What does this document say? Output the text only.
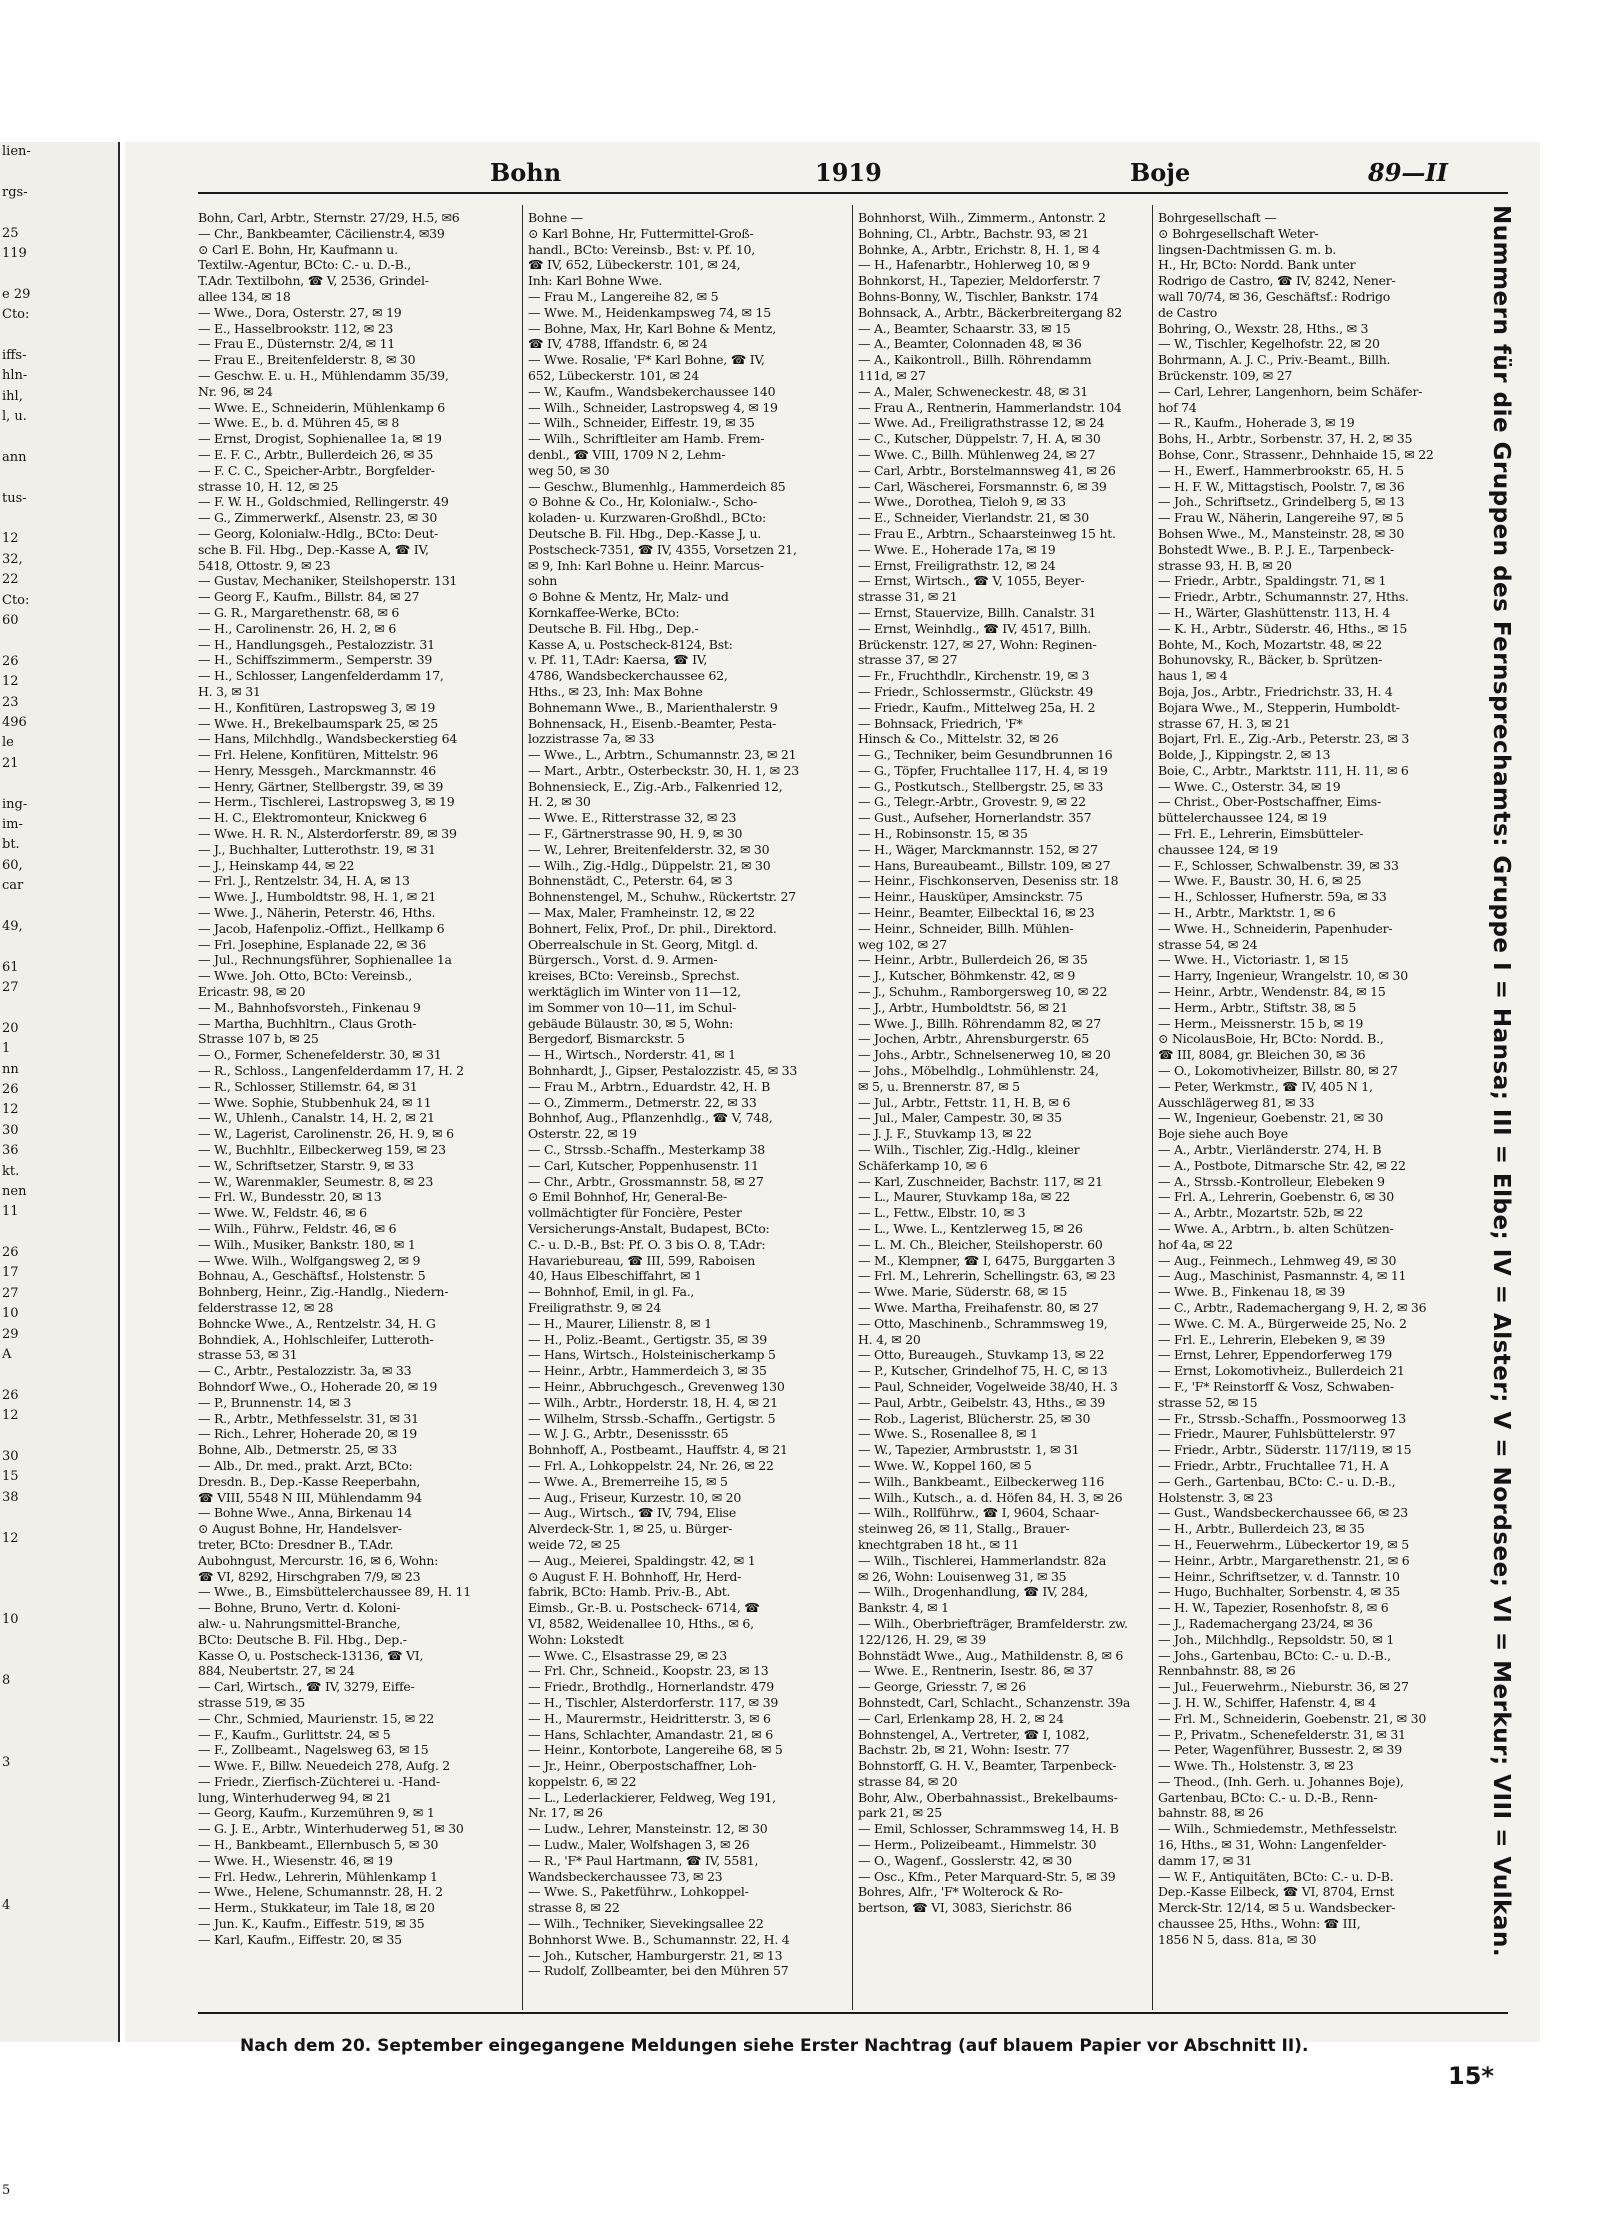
lien-
rgs-
25
119
e 29
Cto:
iffs-
hln-
ihl,
l, u.
ann
tus-
12
32,
22
Cto:
60
26
12
23
496
le
21
ing-
im-
bt.
60,
car
49,
61
27
20
1
nn
26
12
30
36
kt.
nen
11
26
17
27
10
29
A
26
12
30
15
38
12
10
8
3
4
5
Bohn	1919	Boje	89—II
Bohn, Carl, Arbtr., Sternstr. 27/29, H.5, ✉6
— Chr., Bankbeamter, Cäcilienstr.4, ✉39
⊙ Carl E. Bohn, Hr, Kaufmann u.
Textilw.-Agentur, BCto: C.- u. D.-B.,
T.Adr. Textilbohn, ☎ V, 2536, Grindel-
allee 134, ✉ 18
— Wwe., Dora, Osterstr. 27, ✉ 19
— E., Hasselbrookstr. 112, ✉ 23
— Frau E., Düsternstr. 2/4, ✉ 11
— Frau E., Breitenfelderstr. 8, ✉ 30
— Geschw. E. u. H., Mühlendamm 35/39,
Nr. 96, ✉ 24
— Wwe. E., Schneiderin, Mühlenkamp 6
— Wwe. E., b. d. Mühren 45, ✉ 8
— Ernst, Drogist, Sophienallee 1a, ✉ 19
— E. F. C., Arbtr., Bullerdeich 26, ✉ 35
— F. C. C., Speicher-Arbtr., Borgfelder-
strasse 10, H. 12, ✉ 25
— F. W. H., Goldschmied, Rellingerstr. 49
— G., Zimmerwerkf., Alsenstr. 23, ✉ 30
— Georg, Kolonialw.-Hdlg., BCto: Deut-
sche B. Fil. Hbg., Dep.-Kasse A, ☎ IV,
5418, Ottostr. 9, ✉ 23
— Gustav, Mechaniker, Steilshoperstr. 131
— Georg F., Kaufm., Billstr. 84, ✉ 27
— G. R., Margarethenstr. 68, ✉ 6
— H., Carolinenstr. 26, H. 2, ✉ 6
— H., Handlungsgeh., Pestalozzistr. 31
— H., Schiffszimmerm., Semperstr. 39
— H., Schlosser, Langenfelderdamm 17,
H. 3, ✉ 31
— H., Konfitüren, Lastropsweg 3, ✉ 19
— Wwe. H., Brekelbaumspark 25, ✉ 25
— Hans, Milchhdlg., Wandsbeckerstieg 64
— Frl. Helene, Konfitüren, Mittelstr. 96
— Henry, Messgeh., Marckmannstr. 46
— Henry, Gärtner, Stellbergstr. 39, ✉ 39
— Herm., Tischlerei, Lastropsweg 3, ✉ 19
— H. C., Elektromonteur, Knickweg 6
— Wwe. H. R. N., Alsterdorferstr. 89, ✉ 39
— J., Buchhalter, Lutterothstr. 19, ✉ 31
— J., Heinskamp 44, ✉ 22
— Frl. J., Rentzelstr. 34, H. A, ✉ 13
— Wwe. J., Humboldtstr. 98, H. 1, ✉ 21
— Wwe. J., Näherin, Peterstr. 46, Hths.
— Jacob, Hafenpoliz.-Offizt., Hellkamp 6
— Frl. Josephine, Esplanade 22, ✉ 36
— Jul., Rechnungsführer, Sophienallee 1a
— Wwe. Joh. Otto, BCto: Vereinsb.,
Ericastr. 98, ✉ 20
— M., Bahnhofsvorsteh., Finkenau 9
— Martha, Buchhltrn., Claus Groth-
Strasse 107 b, ✉ 25
— O., Former, Schenefelderstr. 30, ✉ 31
— R., Schloss., Langenfelderdamm 17, H. 2
— R., Schlosser, Stillemstr. 64, ✉ 31
— Wwe. Sophie, Stubbenhuk 24, ✉ 11
— W., Uhlenh., Canalstr. 14, H. 2, ✉ 21
— W., Lagerist, Carolinenstr. 26, H. 9, ✉ 6
— W., Buchhltr., Eilbeckerweg 159, ✉ 23
— W., Schriftsetzer, Starstr. 9, ✉ 33
— W., Warenmakler, Seumestr. 8, ✉ 23
— Frl. W., Bundesstr. 20, ✉ 13
— Wwe. W., Feldstr. 46, ✉ 6
— Wilh., Führw., Feldstr. 46, ✉ 6
— Wilh., Musiker, Bankstr. 180, ✉ 1
— Wwe. Wilh., Wolfgangsweg 2, ✉ 9
Bohnau, A., Geschäftsf., Holstenstr. 5
Bohnberg, Heinr., Zig.-Handlg., Niedern-
felderstrasse 12, ✉ 28
Bohncke Wwe., A., Rentzelstr. 34, H. G
Bohndiek, A., Hohlschleifer, Lutteroth-
strasse 53, ✉ 31
— C., Arbtr., Pestalozzistr. 3a, ✉ 33
Bohndorf Wwe., O., Hoherade 20, ✉ 19
— P., Brunnenstr. 14, ✉ 3
— R., Arbtr., Methfesselstr. 31, ✉ 31
— Rich., Lehrer, Hoherade 20, ✉ 19
Bohne, Alb., Detmerstr. 25, ✉ 33
— Alb., Dr. med., prakt. Arzt, BCto:
Dresdn. B., Dep.-Kasse Reeperbahn,
☎ VIII, 5548 N III, Mühlendamm 94
— Bohne Wwe., Anna, Birkenau 14
⊙ August Bohne, Hr, Handelsver-
treter, BCto: Dresdner B., T.Adr.
Aubohngust, Mercurstr. 16, ✉ 6, Wohn:
☎ VI, 8292, Hirschgraben 7/9, ✉ 23
— Wwe., B., Eimsbüttelerchaussee 89, H. 11
— Bohne, Bruno, Vertr. d. Koloni-
alw.- u. Nahrungsmittel-Branche,
BCto: Deutsche B. Fil. Hbg., Dep.-
Kasse O, u. Postscheck-13136, ☎ VI,
884, Neubertstr. 27, ✉ 24
— Carl, Wirtsch., ☎ IV, 3279, Eiffe-
strasse 519, ✉ 35
— Chr., Schmied, Maurienstr. 15, ✉ 22
— F., Kaufm., Gurlittstr. 24, ✉ 5
— F., Zollbeamt., Nagelsweg 63, ✉ 15
— Wwe. F., Billw. Neuedeich 278, Aufg. 2
— Friedr., Zierfisch-Züchterei u. -Hand-
lung, Winterhuderweg 94, ✉ 21
— Georg, Kaufm., Kurzemühren 9, ✉ 1
— G. J. E., Arbtr., Winterhuderweg 51, ✉ 30
— H., Bankbeamt., Ellernbusch 5, ✉ 30
— Wwe. H., Wiesenstr. 46, ✉ 19
— Frl. Hedw., Lehrerin, Mühlenkamp 1
— Wwe., Helene, Schumannstr. 28, H. 2
— Herm., Stukkateur, im Tale 18, ✉ 20
— Jun. K., Kaufm., Eiffestr. 519, ✉ 35
— Karl, Kaufm., Eiffestr. 20, ✉ 35
Bohne —
⊙ Karl Bohne, Hr, Futtermittel-Groß-
handl., BCto: Vereinsb., Bst: v. Pf. 10,
☎ IV, 652, Lübeckerstr. 101, ✉ 24,
Inh: Karl Bohne Wwe.
— Frau M., Langereihe 82, ✉ 5
— Wwe. M., Heidenkampsweg 74, ✉ 15
— Bohne, Max, Hr, Karl Bohne & Mentz,
☎ IV, 4788, Iffandstr. 6, ✉ 24
— Wwe. Rosalie, 'F* Karl Bohne, ☎ IV,
652, Lübeckerstr. 101, ✉ 24
— W., Kaufm., Wandsbekerchaussee 140
— Wilh., Schneider, Lastropsweg 4, ✉ 19
— Wilh., Schneider, Eiffestr. 19, ✉ 35
— Wilh., Schriftleiter am Hamb. Frem-
denbl., ☎ VIII, 1709 N 2, Lehm-
weg 50, ✉ 30
— Geschw., Blumenhlg., Hammerdeich 85
⊙ Bohne & Co., Hr, Kolonialw.-, Scho-
koladen- u. Kurzwaren-Großhdl., BCto:
Deutsche B. Fil. Hbg., Dep.-Kasse J, u.
Postscheck-7351, ☎ IV, 4355, Vorsetzen 21,
✉ 9, Inh: Karl Bohne u. Heinr. Marcus-
sohn
⊙ Bohne & Mentz, Hr, Malz- und
Kornkaffee-Werke, BCto:
Deutsche B. Fil. Hbg., Dep.-
Kasse A, u. Postscheck-8124, Bst:
v. Pf. 11, T.Adr: Kaersa, ☎ IV,
4786, Wandsbeckerchaussee 62,
Hths., ✉ 23, Inh: Max Bohne
Bohnemann Wwe., B., Marienthalerstr. 9
Bohnensack, H., Eisenb.-Beamter, Pesta-
lozzistrasse 7a, ✉ 33
— Wwe., L., Arbtrn., Schumannstr. 23, ✉ 21
— Mart., Arbtr., Osterbeckstr. 30, H. 1, ✉ 23
Bohnensieck, E., Zig.-Arb., Falkenried 12,
H. 2, ✉ 30
— Wwe. E., Ritterstrasse 32, ✉ 23
— F., Gärtnerstrasse 90, H. 9, ✉ 30
— W., Lehrer, Breitenfelderstr. 32, ✉ 30
— Wilh., Zig.-Hdlg., Düppelstr. 21, ✉ 30
Bohnenstädt, C., Peterstr. 64, ✉ 3
Bohnenstengel, M., Schuhw., Rückertstr. 27
— Max, Maler, Framheinstr. 12, ✉ 22
Bohnert, Felix, Prof., Dr. phil., Direktord.
Oberrealschule in St. Georg, Mitgl. d.
Bürgersch., Vorst. d. 9. Armen-
kreises, BCto: Vereinsb., Sprechst.
werktäglich im Winter von 11—12,
im Sommer von 10—11, im Schul-
gebäude Bülaustr. 30, ✉ 5, Wohn:
Bergedorf, Bismarckstr. 5
— H., Wirtsch., Norderstr. 41, ✉ 1
Bohnhardt, J., Gipser, Pestalozzistr. 45, ✉ 33
— Frau M., Arbtrn., Eduardstr. 42, H. B
— O., Zimmerm., Detmerstr. 22, ✉ 33
Bohnhof, Aug., Pflanzenhdlg., ☎ V, 748,
Osterstr. 22, ✉ 19
— C., Strssb.-Schaffn., Mesterkamp 38
— Carl, Kutscher, Poppenhusenstr. 11
— Chr., Arbtr., Grossmannstr. 58, ✉ 27
⊙ Emil Bohnhof, Hr, General-Be-
vollmächtigter für Foncière, Pester
Versicherungs-Anstalt, Budapest, BCto:
C.- u. D.-B., Bst: Pf. O. 3 bis O. 8, T.Adr:
Havariebureau, ☎ III, 599, Raboisen
40, Haus Elbeschiffahrt, ✉ 1
— Bohnhof, Emil, in gl. Fa.,
Freiligrathstr. 9, ✉ 24
— H., Maurer, Lilienstr. 8, ✉ 1
— H., Poliz.-Beamt., Gertigstr. 35, ✉ 39
— Hans, Wirtsch., Holsteinischerkamp 5
— Heinr., Arbtr., Hammerdeich 3, ✉ 35
— Heinr., Abbruchgesch., Grevenweg 130
— Wilh., Arbtr., Horderstr. 18, H. 4, ✉ 21
— Wilhelm, Strssb.-Schaffn., Gertigstr. 5
— W. J. G., Arbtr., Desenissstr. 65
Bohnhoff, A., Postbeamt., Hauffstr. 4, ✉ 21
— Frl. A., Lohkoppelstr. 24, Nr. 26, ✉ 22
— Wwe. A., Bremerreihe 15, ✉ 5
— Aug., Friseur, Kurzestr. 10, ✉ 20
— Aug., Wirtsch., ☎ IV, 794, Elise
Alverdeck-Str. 1, ✉ 25, u. Bürger-
weide 72, ✉ 25
— Aug., Meierei, Spaldingstr. 42, ✉ 1
⊙ August F. H. Bohnhoff, Hr, Herd-
fabrik, BCto: Hamb. Priv.-B., Abt.
Eimsb., Gr.-B. u. Postscheck- 6714, ☎
VI, 8582, Weidenallee 10, Hths., ✉ 6,
Wohn: Lokstedt
— Wwe. C., Elsastrasse 29, ✉ 23
— Frl. Chr., Schneid., Koopstr. 23, ✉ 13
— Friedr., Brothdlg., Hornerlandstr. 479
— H., Tischler, Alsterdorferstr. 117, ✉ 39
— H., Maurermstr., Heidritterstr. 3, ✉ 6
— Hans, Schlachter, Amandastr. 21, ✉ 6
— Heinr., Kontorbote, Langereihe 68, ✉ 5
— Jr., Heinr., Oberpostschaffner, Loh-
koppelstr. 6, ✉ 22
— L., Lederlackierer, Feldweg, Weg 191,
Nr. 17, ✉ 26
— Ludw., Lehrer, Mansteinstr. 12, ✉ 30
— Ludw., Maler, Wolfshagen 3, ✉ 26
— R., 'F* Paul Hartmann, ☎ IV, 5581,
Wandsbeckerchaussee 73, ✉ 23
— Wwe. S., Paketführw., Lohkoppel-
strasse 8, ✉ 22
— Wilh., Techniker, Sievekingsallee 22
Bohnhorst Wwe. B., Schumannstr. 22, H. 4
— Joh., Kutscher, Hamburgerstr. 21, ✉ 13
— Rudolf, Zollbeamter, bei den Mühren 57
Bohnhorst, Wilh., Zimmerm., Antonstr. 2
Bohning, Cl., Arbtr., Bachstr. 93, ✉ 21
Bohnke, A., Arbtr., Erichstr. 8, H. 1, ✉ 4
— H., Hafenarbtr., Hohlerweg 10, ✉ 9
Bohnkorst, H., Tapezier, Meldorferstr. 7
Bohns-Bonny, W., Tischler, Bankstr. 174
Bohnsack, A., Arbtr., Bäckerbreitergang 82
— A., Beamter, Schaarstr. 33, ✉ 15
— A., Beamter, Colonnaden 48, ✉ 36
— A., Kaikontroll., Billh. Röhrendamm
111d, ✉ 27
— A., Maler, Schweneckestr. 48, ✉ 31
— Frau A., Rentnerin, Hammerlandstr. 104
— Wwe. Ad., Freiligrathstrasse 12, ✉ 24
— C., Kutscher, Düppelstr. 7, H. A, ✉ 30
— Wwe. C., Billh. Mühlenweg 24, ✉ 27
— Carl, Arbtr., Borstelmannsweg 41, ✉ 26
— Carl, Wäscherei, Forsmannstr. 6, ✉ 39
— Wwe., Dorothea, Tieloh 9, ✉ 33
— E., Schneider, Vierlandstr. 21, ✉ 30
— Frau E., Arbtrn., Schaarsteinweg 15 ht.
— Wwe. E., Hoherade 17a, ✉ 19
— Ernst, Freiligrathstr. 12, ✉ 24
— Ernst, Wirtsch., ☎ V, 1055, Beyer-
strasse 31, ✉ 21
— Ernst, Stauervize, Billh. Canalstr. 31
— Ernst, Weinhdlg., ☎ IV, 4517, Billh.
Brückenstr. 127, ✉ 27, Wohn: Reginen-
strasse 37, ✉ 27
— Fr., Fruchthdlr., Kirchenstr. 19, ✉ 3
— Friedr., Schlossermstr., Glückstr. 49
— Friedr., Kaufm., Mittelweg 25a, H. 2
— Bohnsack, Friedrich, 'F*
Hinsch & Co., Mittelstr. 32, ✉ 26
— G., Techniker, beim Gesundbrunnen 16
— G., Töpfer, Fruchtallee 117, H. 4, ✉ 19
— G., Postkutsch., Stellbergstr. 25, ✉ 33
— G., Telegr.-Arbtr., Grovestr. 9, ✉ 22
— Gust., Aufseher, Hornerlandstr. 357
— H., Robinsonstr. 15, ✉ 35
— H., Wäger, Marckmannstr. 152, ✉ 27
— Hans, Bureaubeamt., Billstr. 109, ✉ 27
— Heinr., Fischkonserven, Deseniss str. 18
— Heinr., Hausküper, Amsinckstr. 75
— Heinr., Beamter, Eilbecktal 16, ✉ 23
— Heinr., Schneider, Billh. Mühlen-
weg 102, ✉ 27
— Heinr., Arbtr., Bullerdeich 26, ✉ 35
— J., Kutscher, Böhmkenstr. 42, ✉ 9
— J., Schuhm., Ramborgersweg 10, ✉ 22
— J., Arbtr., Humboldtstr. 56, ✉ 21
— Wwe. J., Billh. Röhrendamm 82, ✉ 27
— Jochen, Arbtr., Ahrensburgerstr. 65
— Johs., Arbtr., Schnelsenerweg 10, ✉ 20
— Johs., Möbelhdlg., Lohmühlenstr. 24,
✉ 5, u. Brennerstr. 87, ✉ 5
— Jul., Arbtr., Fettstr. 11, H. B, ✉ 6
— Jul., Maler, Campestr. 30, ✉ 35
— J. J. F., Stuvkamp 13, ✉ 22
— Wilh., Tischler, Zig.-Hdlg., kleiner
Schäferkamp 10, ✉ 6
— Karl, Zuschneider, Bachstr. 117, ✉ 21
— L., Maurer, Stuvkamp 18a, ✉ 22
— L., Fettw., Elbstr. 10, ✉ 3
— L., Wwe. L., Kentzlerweg 15, ✉ 26
— L. M. Ch., Bleicher, Steilshoperstr. 60
— M., Klempner, ☎ I, 6475, Burggarten 3
— Frl. M., Lehrerin, Schellingstr. 63, ✉ 23
— Wwe. Marie, Süderstr. 68, ✉ 15
— Wwe. Martha, Freihafenstr. 80, ✉ 27
— Otto, Maschinenb., Schrammsweg 19,
H. 4, ✉ 20
— Otto, Bureaugeh., Stuvkamp 13, ✉ 22
— P., Kutscher, Grindelhof 75, H. C, ✉ 13
— Paul, Schneider, Vogelweide 38/40, H. 3
— Paul, Arbtr., Geibelstr. 43, Hths., ✉ 39
— Rob., Lagerist, Blücherstr. 25, ✉ 30
— Wwe. S., Rosenallee 8, ✉ 1
— W., Tapezier, Armbruststr. 1, ✉ 31
— Wwe. W., Koppel 160, ✉ 5
— Wilh., Bankbeamt., Eilbeckerweg 116
— Wilh., Kutsch., a. d. Höfen 84, H. 3, ✉ 26
— Wilh., Rollführw., ☎ I, 9604, Schaar-
steinweg 26, ✉ 11, Stallg., Brauer-
knechtgraben 18 ht., ✉ 11
— Wilh., Tischlerei, Hammerlandstr. 82a
✉ 26, Wohn: Louisenweg 31, ✉ 35
— Wilh., Drogenhandlung, ☎ IV, 284,
Bankstr. 4, ✉ 1
— Wilh., Oberbriefträger, Bramfelderstr. zw.
122/126, H. 29, ✉ 39
Bohnstädt Wwe., Aug., Mathildenstr. 8, ✉ 6
— Wwe. E., Rentnerin, Isestr. 86, ✉ 37
— George, Griesstr. 7, ✉ 26
Bohnstedt, Carl, Schlacht., Schanzenstr. 39a
— Carl, Erlenkamp 28, H. 2, ✉ 24
Bohnstengel, A., Vertreter, ☎ I, 1082,
Bachstr. 2b, ✉ 21, Wohn: Isestr. 77
Bohnstorff, G. H. V., Beamter, Tarpenbeck-
strasse 84, ✉ 20
Bohr, Alw., Oberbahnassist., Brekelbaums-
park 21, ✉ 25
— Emil, Schlosser, Schrammsweg 14, H. B
— Herm., Polizeibeamt., Himmelstr. 30
— O., Wagenf., Gosslerstr. 42, ✉ 30
— Osc., Kfm., Peter Marquard-Str. 5, ✉ 39
Bohres, Alfr., 'F* Wolterock & Ro-
bertson, ☎ VI, 3083, Sierichstr. 86
Bohrgesellschaft —
⊙ Bohrgesellschaft Weter-
lingsen-Dachtmissen G. m. b.
H., Hr, BCto: Nordd. Bank unter
Rodrigo de Castro, ☎ IV, 8242, Nener-
wall 70/74, ✉ 36, Geschäftsf.: Rodrigo
de Castro
Bohring, O., Wexstr. 28, Hths., ✉ 3
— W., Tischler, Kegelhofstr. 22, ✉ 20
Bohrmann, A. J. C., Priv.-Beamt., Billh.
Brückenstr. 109, ✉ 27
— Carl, Lehrer, Langenhorn, beim Schäfer-
hof 74
— R., Kaufm., Hoherade 3, ✉ 19
Bohs, H., Arbtr., Sorbenstr. 37, H. 2, ✉ 35
Bohse, Conr., Strassenr., Dehnhaide 15, ✉ 22
— H., Ewerf., Hammerbrookstr. 65, H. 5
— H. F. W., Mittagstisch, Poolstr. 7, ✉ 36
— Joh., Schriftsetz., Grindelberg 5, ✉ 13
— Frau W., Näherin, Langereihe 97, ✉ 5
Bohsen Wwe., M., Mansteinstr. 28, ✉ 30
Bohstedt Wwe., B. P. J. E., Tarpenbeck-
strasse 93, H. B, ✉ 20
— Friedr., Arbtr., Spaldingstr. 71, ✉ 1
— Friedr., Arbtr., Schumannstr. 27, Hths.
— H., Wärter, Glashüttenstr. 113, H. 4
— K. H., Arbtr., Süderstr. 46, Hths., ✉ 15
Bohte, M., Koch, Mozartstr. 48, ✉ 22
Bohunovsky, R., Bäcker, b. Sprützen-
haus 1, ✉ 4
Boja, Jos., Arbtr., Friedrichstr. 33, H. 4
Bojara Wwe., M., Stepperin, Humboldt-
strasse 67, H. 3, ✉ 21
Bojart, Frl. E., Zig.-Arb., Peterstr. 23, ✉ 3
Bolde, J., Kippingstr. 2, ✉ 13
Boie, C., Arbtr., Marktstr. 111, H. 11, ✉ 6
— Wwe. C., Osterstr. 34, ✉ 19
— Christ., Ober-Postschaffner, Eims-
büttelerchaussee 124, ✉ 19
— Frl. E., Lehrerin, Eimsbütteler-
chaussee 124, ✉ 19
— F., Schlosser, Schwalbenstr. 39, ✉ 33
— Wwe. F., Baustr. 30, H. 6, ✉ 25
— H., Schlosser, Hufnerstr. 59a, ✉ 33
— H., Arbtr., Marktstr. 1, ✉ 6
— Wwe. H., Schneiderin, Papenhuder-
strasse 54, ✉ 24
— Wwe. H., Victoriastr. 1, ✉ 15
— Harry, Ingenieur, Wrangelstr. 10, ✉ 30
— Heinr., Arbtr., Wendenstr. 84, ✉ 15
— Herm., Arbtr., Stiftstr. 38, ✉ 5
— Herm., Meissnerstr. 15 b, ✉ 19
⊙ NicolausBoie, Hr, BCto: Nordd. B.,
☎ III, 8084, gr. Bleichen 30, ✉ 36
— O., Lokomotivheizer, Billstr. 80, ✉ 27
— Peter, Werkmstr., ☎ IV, 405 N 1,
Ausschlägerweg 81, ✉ 33
— W., Ingenieur, Goebenstr. 21, ✉ 30
Boje siehe auch Boye
— A., Arbtr., Vierländerstr. 274, H. B
— A., Postbote, Ditmarsche Str. 42, ✉ 22
— A., Strssb.-Kontrolleur, Elebeken 9
— Frl. A., Lehrerin, Goebenstr. 6, ✉ 30
— A., Arbtr., Mozartstr. 52b, ✉ 22
— Wwe. A., Arbtrn., b. alten Schützen-
hof 4a, ✉ 22
— Aug., Feinmech., Lehmweg 49, ✉ 30
— Aug., Maschinist, Pasmannstr. 4, ✉ 11
— Wwe. B., Finkenau 18, ✉ 39
— C., Arbtr., Rademachergang 9, H. 2, ✉ 36
— Wwe. C. M. A., Bürgerweide 25, No. 2
— Frl. E., Lehrerin, Elebeken 9, ✉ 39
— Ernst, Lehrer, Eppendorferweg 179
— Ernst, Lokomotivheiz., Bullerdeich 21
— F., 'F* Reinstorff & Vosz, Schwaben-
strasse 52, ✉ 15
— Fr., Strssb.-Schaffn., Possmoorweg 13
— Friedr., Maurer, Fuhlsbüttelerstr. 97
— Friedr., Arbtr., Süderstr. 117/119, ✉ 15
— Friedr., Arbtr., Fruchtallee 71, H. A
— Gerh., Gartenbau, BCto: C.- u. D.-B.,
Holstenstr. 3, ✉ 23
— Gust., Wandsbeckerchaussee 66, ✉ 23
— H., Arbtr., Bullerdeich 23, ✉ 35
— H., Feuerwehrm., Lübeckertor 19, ✉ 5
— Heinr., Arbtr., Margarethenstr. 21, ✉ 6
— Heinr., Schriftsetzer, v. d. Tannstr. 10
— Hugo, Buchhalter, Sorbenstr. 4, ✉ 35
— H. W., Tapezier, Rosenhofstr. 8, ✉ 6
— J., Rademachergang 23/24, ✉ 36
— Joh., Milchhdlg., Repsoldstr. 50, ✉ 1
— Johs., Gartenbau, BCto: C.- u. D.-B.,
Rennbahnstr. 88, ✉ 26
— Jul., Feuerwehrm., Nieburstr. 36, ✉ 27
— J. H. W., Schiffer, Hafenstr. 4, ✉ 4
— Frl. M., Schneiderin, Goebenstr. 21, ✉ 30
— P., Privatm., Schenefelderstr. 31, ✉ 31
— Peter, Wagenführer, Bussestr. 2, ✉ 39
— Wwe. Th., Holstenstr. 3, ✉ 23
— Theod., (Inh. Gerh. u. Johannes Boje),
Gartenbau, BCto: C.- u. D.-B., Renn-
bahnstr. 88, ✉ 26
— Wilh., Schmiedemstr., Methfesselstr.
16, Hths., ✉ 31, Wohn: Langenfelder-
damm 17, ✉ 31
— W. F., Antiquitäten, BCto: C.- u. D-B.
Dep.-Kasse Eilbeck, ☎ VI, 8704, Ernst
Merck-Str. 12/14, ✉ 5 u. Wandsbecker-
chaussee 25, Hths., Wohn: ☎ III,
1856 N 5, dass. 81a, ✉ 30	Nummern für die Gruppen des Fernsprechamts: Gruppe I = Hansa; III = Elbe; IV = Alster; V = Nordsee; VI = Merkur; VIII = Vulkan.
Nach dem 20. September eingegangene Meldungen siehe Erster Nachtrag (auf blauem Papier vor Abschnitt II).
15*
